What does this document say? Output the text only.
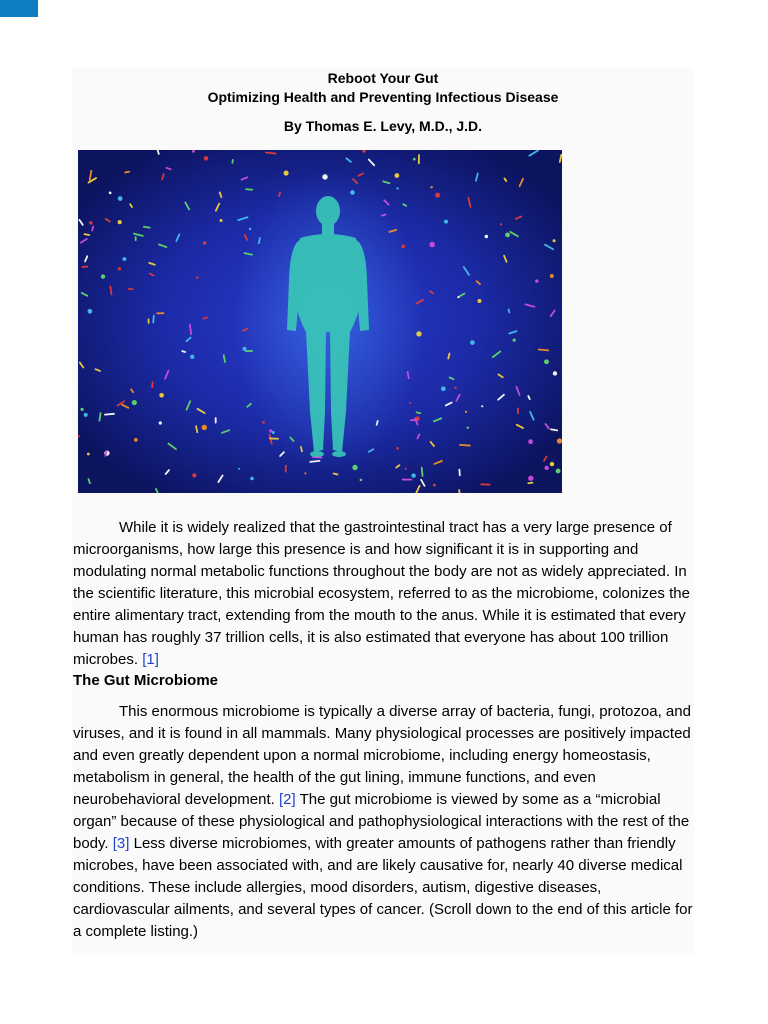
Reboot Your Gut
Optimizing Health and Preventing Infectious Disease
By Thomas E. Levy, M.D., J.D.
While it is widely realized that the gastrointestinal tract has a very large presence of microorganisms, how large this presence is and how significant it is in supporting and modulating normal metabolic functions throughout the body are not as widely appreciated. In the scientific literature, this microbial ecosystem, referred to as the microbiome, colonizes the entire alimentary tract, extending from the mouth to the anus. While it is estimated that every human has roughly 37 trillion cells, it is also estimated that everyone has about 100 trillion microbes. [1]
The Gut Microbiome
This enormous microbiome is typically a diverse array of bacteria, fungi, protozoa, and viruses, and it is found in all mammals. Many physiological processes are positively impacted and even greatly dependent upon a normal microbiome, including energy homeostasis, metabolism in general, the health of the gut lining, immune functions, and even neurobehavioral development. [2] The gut microbiome is viewed by some as a “microbial organ” because of these physiological and pathophysiological interactions with the rest of the body. [3] Less diverse microbiomes, with greater amounts of pathogens rather than friendly microbes, have been associated with, and are likely causative for, nearly 40 diverse medical conditions. These include allergies, mood disorders, autism, digestive diseases, cardiovascular ailments, and several types of cancer. (Scroll down to the end of this article for a complete listing.)
